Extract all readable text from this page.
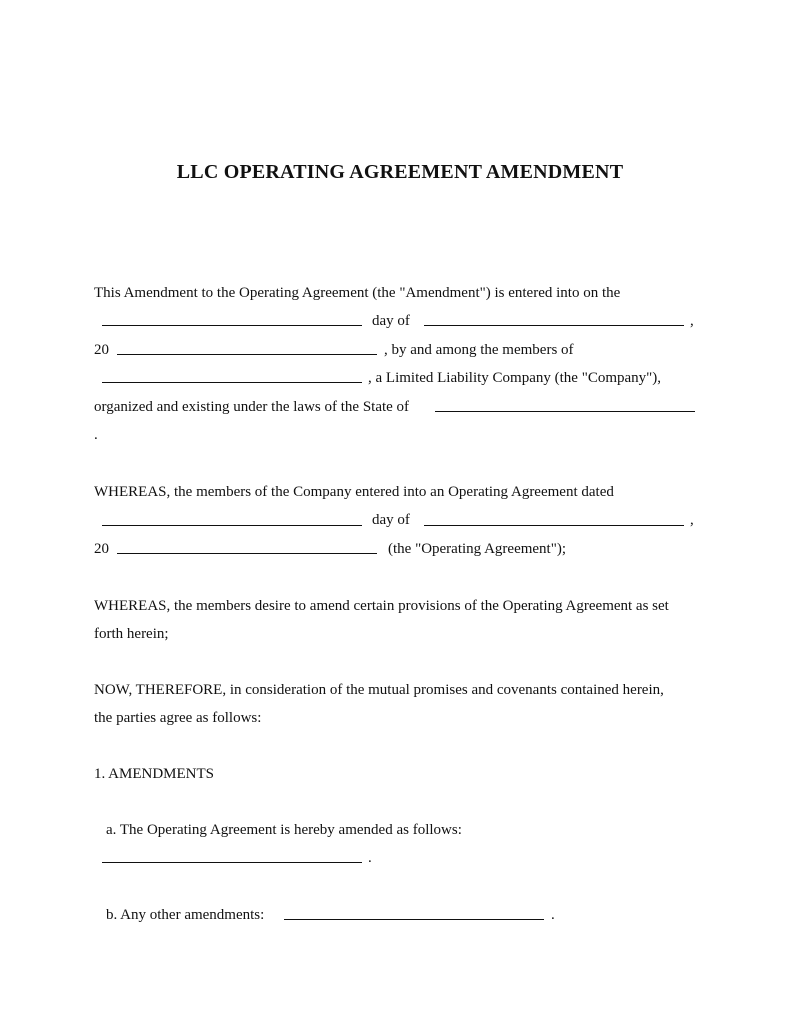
LLC OPERATING AGREEMENT AMENDMENT
This Amendment to the Operating Agreement (the "Amendment") is entered into on the
day of	,
20	, by and among the members of
, a Limited Liability Company (the "Company"),
organized and existing under the laws of the State of
.
WHEREAS, the members of the Company entered into an Operating Agreement dated
day of	,
20	(the "Operating Agreement");
WHEREAS, the members desire to amend certain provisions of the Operating Agreement as set
forth herein;
NOW, THEREFORE, in consideration of the mutual promises and covenants contained herein,
the parties agree as follows:
1. AMENDMENTS
a. The Operating Agreement is hereby amended as follows:
.
b. Any other amendments:	.
